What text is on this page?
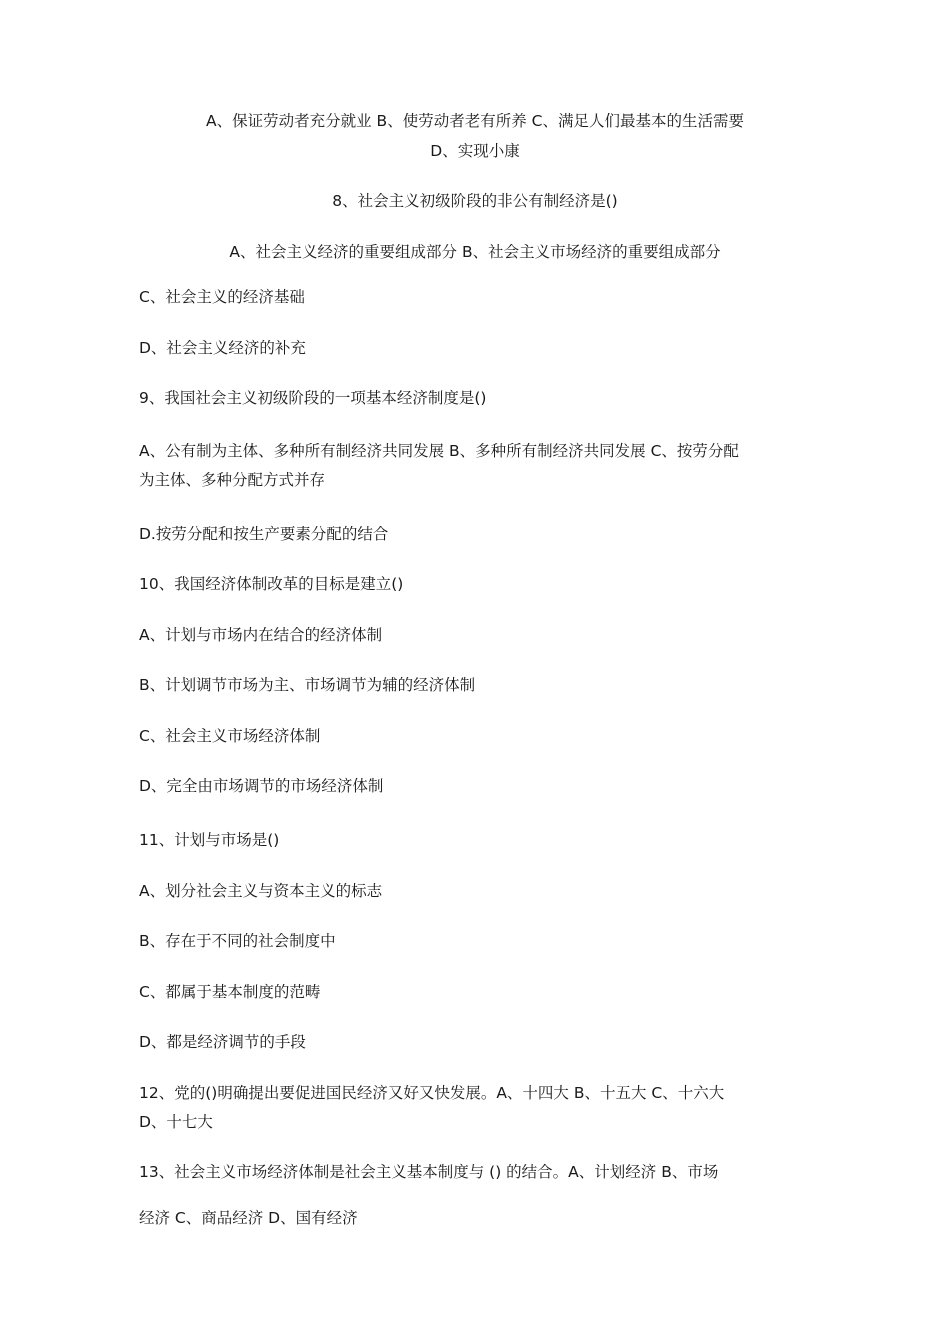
A、保证劳动者充分就业 B、使劳动者老有所养 C、满足人们最基本的生活需要
D、实现小康
8、社会主义初级阶段的非公有制经济是()
A、社会主义经济的重要组成部分 B、社会主义市场经济的重要组成部分
C、社会主义的经济基础
D、社会主义经济的补充
9、我国社会主义初级阶段的一项基本经济制度是()
A、公有制为主体、多种所有制经济共同发展 B、多种所有制经济共同发展 C、按劳分配
为主体、多种分配方式并存
D.按劳分配和按生产要素分配的结合
10、我国经济体制改革的目标是建立()
A、计划与市场内在结合的经济体制
B、计划调节市场为主、市场调节为辅的经济体制
C、社会主义市场经济体制
D、完全由市场调节的市场经济体制
11、计划与市场是()
A、划分社会主义与资本主义的标志
B、存在于不同的社会制度中
C、都属于基本制度的范畴
D、都是经济调节的手段
12、党的()明确提出要促进国民经济又好又快发展。A、十四大 B、十五大 C、十六大
D、十七大
13、社会主义市场经济体制是社会主义基本制度与 () 的结合。A、计划经济 B、市场
经济 C、商品经济 D、国有经济
